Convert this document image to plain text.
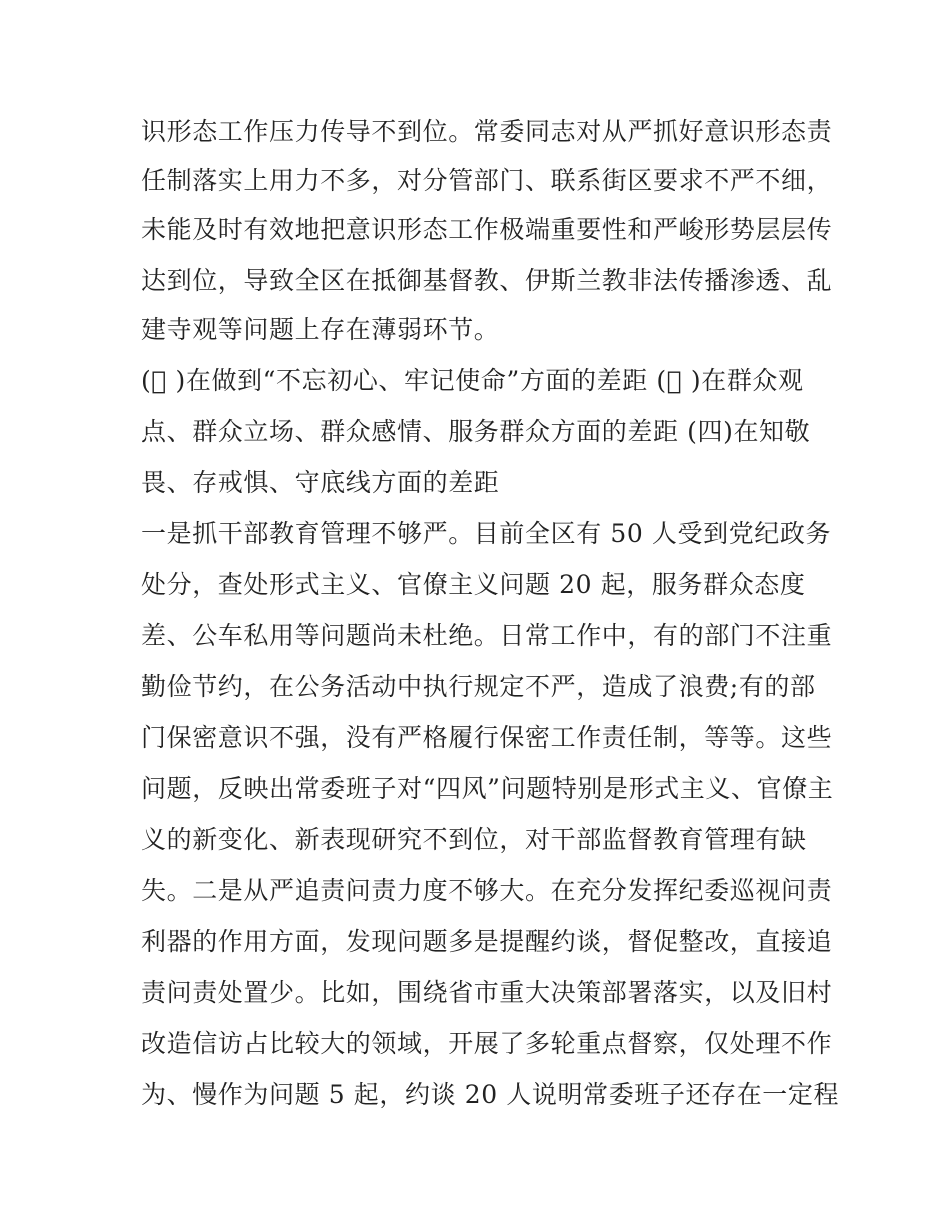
识形态工作压力传导不到位。常委同志对从严抓好意识形态责
任制落实上用力不多，对分管部门、联系街区要求不严不细，
未能及时有效地把意识形态工作极端重要性和严峻形势层层传
达到位，导致全区在抵御基督教、伊斯兰教非法传播渗透、乱
建寺观等问题上存在薄弱环节。
(  )在做到“不忘初心、牢记使命”方面的差距 (  )在群众观
点、群众立场、群众感情、服务群众方面的差距 (四)在知敬
畏、存戒惧、守底线方面的差距
一是抓干部教育管理不够严。目前全区有 50 人受到党纪政务
处分，查处形式主义、官僚主义问题 20 起，服务群众态度
差、公车私用等问题尚未杜绝。日常工作中，有的部门不注重
勤俭节约，在公务活动中执行规定不严，造成了浪费;有的部
门保密意识不强，没有严格履行保密工作责任制，等等。这些
问题，反映出常委班子对“四风”问题特别是形式主义、官僚主
义的新变化、新表现研究不到位，对干部监督教育管理有缺
失。二是从严追责问责力度不够大。在充分发挥纪委巡视问责
利器的作用方面，发现问题多是提醒约谈，督促整改，直接追
责问责处置少。比如，围绕省市重大决策部署落实，以及旧村
改造信访占比较大的领域，开展了多轮重点督察，仅处理不作
为、慢作为问题 5 起，约谈 20 人说明常委班子还存在一定程
